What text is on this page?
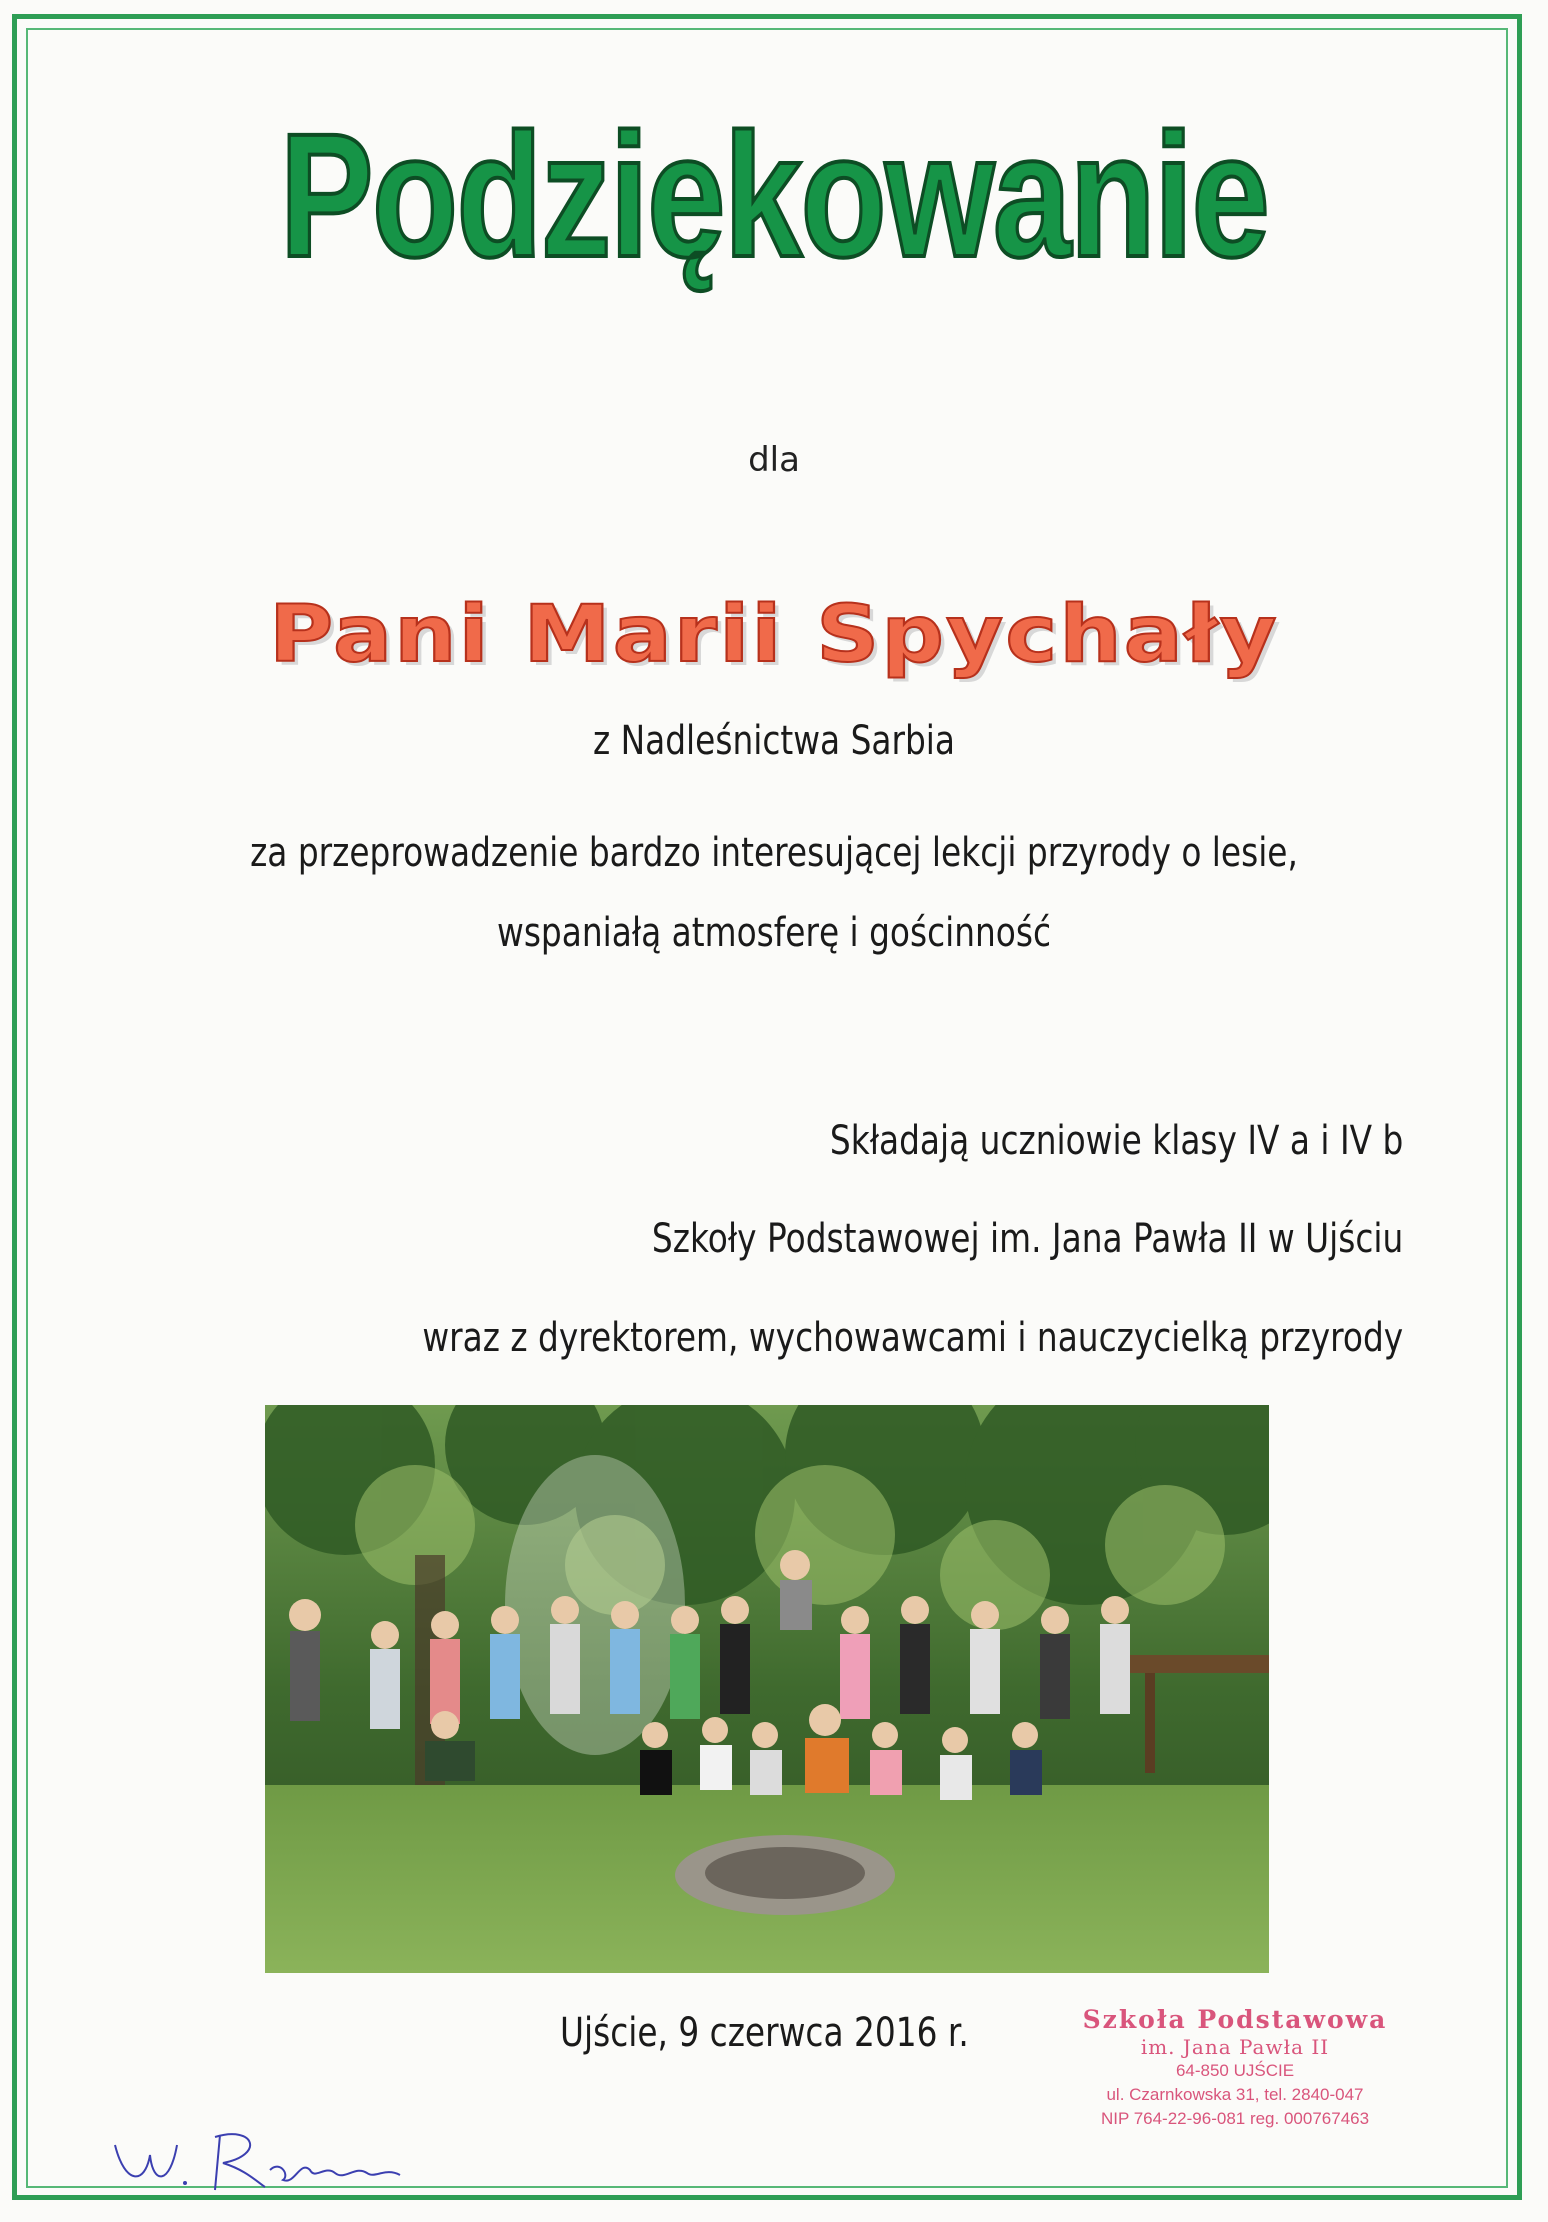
Podziękowanie
dla
Pani Marii Spychały
z Nadleśnictwa Sarbia
za przeprowadzenie bardzo interesującej lekcji przyrody o lesie,
wspaniałą atmosferę i gościnność
Składają uczniowie klasy IV a i IV b
Szkoły Podstawowej im. Jana Pawła II w Ujściu
wraz z dyrektorem, wychowawcami i nauczycielką przyrody
Ujście, 9 czerwca 2016 r.	Szkoła Podstawowa
im. Jana Pawła II
64-850 UJŚCIE
ul. Czarnkowska 31, tel. 2840-047
NIP 764-22-96-081 reg. 000767463
